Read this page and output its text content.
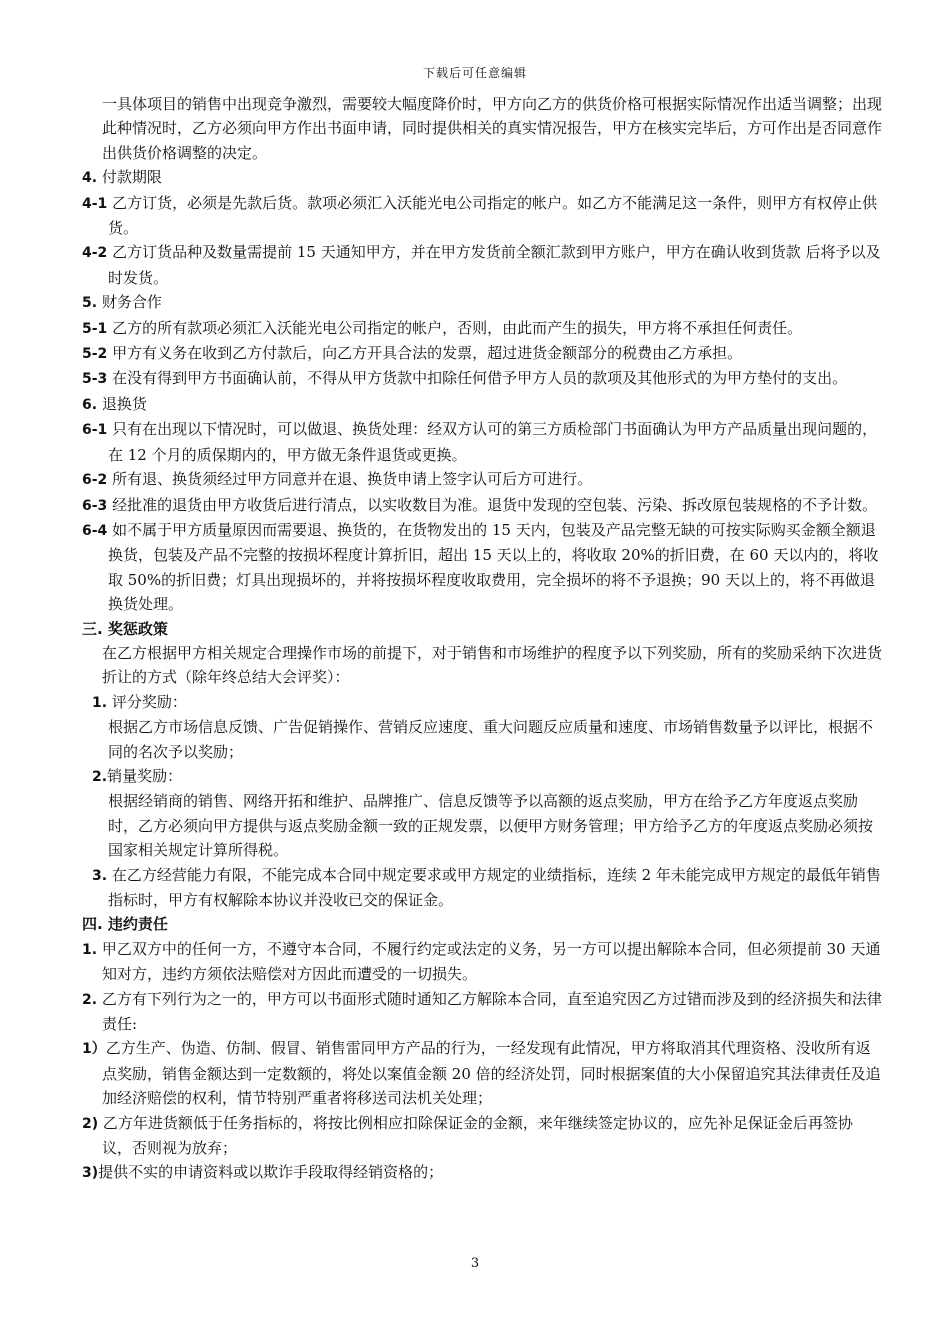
下载后可任意编辑

一具体项目的销售中出现竞争激烈，需要较大幅度降价时，甲方向乙方的供货价格可根据实际情况作出适当调整；出现此种情况时，乙方必须向甲方作出书面申请，同时提供相关的真实情况报告，甲方在核实完毕后，方可作出是否同意作出供货价格调整的决定。

4. 付款期限

4-1 乙方订货，必须是先款后货。款项必须汇入沃能光电公司指定的帐户。如乙方不能满足这一条件，则甲方有权停止供货。

4-2 乙方订货品种及数量需提前 15 天通知甲方，并在甲方发货前全额汇款到甲方账户，甲方在确认收到货款 后将予以及时发货。

5. 财务合作

5-1 乙方的所有款项必须汇入沃能光电公司指定的帐户，否则，由此而产生的损失，甲方将不承担任何责任。

5-2 甲方有义务在收到乙方付款后，向乙方开具合法的发票，超过进货金额部分的税费由乙方承担。

5-3 在没有得到甲方书面确认前，不得从甲方货款中扣除任何借予甲方人员的款项及其他形式的为甲方垫付的支出。

6. 退换货

6-1 只有在出现以下情况时，可以做退、换货处理：经双方认可的第三方质检部门书面确认为甲方产品质量出现问题的，在 12 个月的质保期内的，甲方做无条件退货或更换。

6-2 所有退、换货须经过甲方同意并在退、换货申请上签字认可后方可进行。

6-3 经批准的退货由甲方收货后进行清点，以实收数目为准。退货中发现的空包装、污染、拆改原包装规格的不予计数。

6-4 如不属于甲方质量原因而需要退、换货的，在货物发出的 15 天内，包装及产品完整无缺的可按实际购买金额全额退换货，包装及产品不完整的按损坏程度计算折旧，超出 15 天以上的，将收取 20%的折旧费，在 60 天以内的，将收取 50%的折旧费；灯具出现损坏的，并将按损坏程度收取费用，完全损坏的将不予退换；90 天以上的，将不再做退换货处理。

三. 奖惩政策

在乙方根据甲方相关规定合理操作市场的前提下，对于销售和市场维护的程度予以下列奖励，所有的奖励采纳下次进货折让的方式（除年终总结大会评奖）：

1. 评分奖励：

根据乙方市场信息反馈、广告促销操作、营销反应速度、重大问题反应质量和速度、市场销售数量予以评比，根据不同的名次予以奖励；

2.销量奖励：

根据经销商的销售、网络开拓和维护、品牌推广、信息反馈等予以高额的返点奖励，甲方在给予乙方年度返点奖励时，乙方必须向甲方提供与返点奖励金额一致的正规发票，以便甲方财务管理；甲方给予乙方的年度返点奖励必须按国家相关规定计算所得税。

3. 在乙方经营能力有限，不能完成本合同中规定要求或甲方规定的业绩指标，连续 2 年未能完成甲方规定的最低年销售指标时，甲方有权解除本协议并没收已交的保证金。

四. 违约责任

1. 甲乙双方中的任何一方，不遵守本合同，不履行约定或法定的义务，另一方可以提出解除本合同，但必须提前 30 天通知对方，违约方须依法赔偿对方因此而遭受的一切损失。

2. 乙方有下列行为之一的，甲方可以书面形式随时通知乙方解除本合同，直至追究因乙方过错而涉及到的经济损失和法律责任:

1）乙方生产、伪造、仿制、假冒、销售雷同甲方产品的行为，一经发现有此情况，甲方将取消其代理资格、没收所有返点奖励，销售金额达到一定数额的，将处以案值金额 20 倍的经济处罚，同时根据案值的大小保留追究其法律责任及追加经济赔偿的权利，情节特别严重者将移送司法机关处理；

2) 乙方年进货额低于任务指标的，将按比例相应扣除保证金的金额，来年继续签定协议的，应先补足保证金后再签协议，否则视为放弃；

3)提供不实的申请资料或以欺诈手段取得经销资格的；

3
